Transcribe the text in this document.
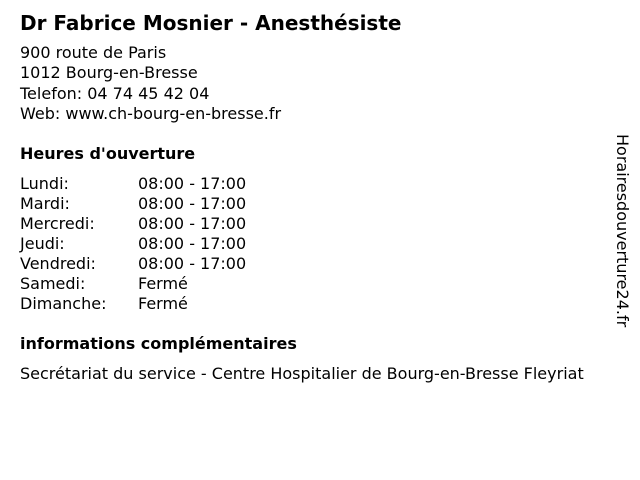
Dr Fabrice Mosnier - Anesthésiste
900 route de Paris
1012 Bourg-en-Bresse
Telefon: 04 74 45 42 04
Web: www.ch-bourg-en-bresse.fr
Heures d'ouverture
Lundi:	08:00 - 17:00
Mardi:	08:00 - 17:00
Mercredi:	08:00 - 17:00
Jeudi:	08:00 - 17:00
Vendredi:	08:00 - 17:00
Samedi:	Fermé
Dimanche:	Fermé
informations complémentaires
Secrétariat du service - Centre Hospitalier de Bourg-en-Bresse Fleyriat
Horairesdouverture24.fr
